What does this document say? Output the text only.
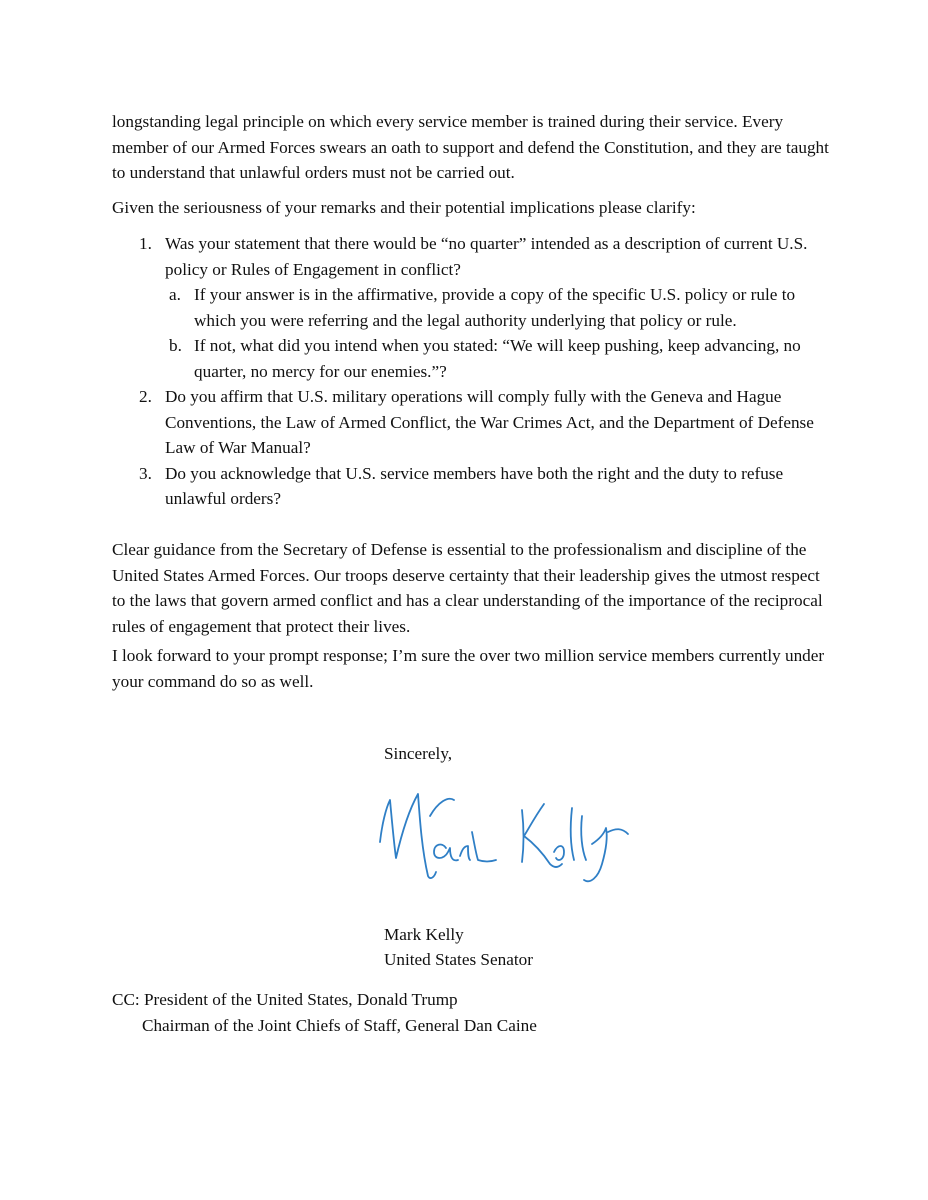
longstanding legal principle on which every service member is trained during their service. Every member of our Armed Forces swears an oath to support and defend the Constitution, and they are taught to understand that unlawful orders must not be carried out.

Given the seriousness of your remarks and their potential implications please clarify:

1. Was your statement that there would be “no quarter” intended as a description of current U.S. policy or Rules of Engagement in conflict?
a. If your answer is in the affirmative, provide a copy of the specific U.S. policy or rule to which you were referring and the legal authority underlying that policy or rule.
b. If not, what did you intend when you stated: “We will keep pushing, keep advancing, no quarter, no mercy for our enemies.”?
2. Do you affirm that U.S. military operations will comply fully with the Geneva and Hague Conventions, the Law of Armed Conflict, the War Crimes Act, and the Department of Defense Law of War Manual?
3. Do you acknowledge that U.S. service members have both the right and the duty to refuse unlawful orders?

Clear guidance from the Secretary of Defense is essential to the professionalism and discipline of the United States Armed Forces. Our troops deserve certainty that their leadership gives the utmost respect to the laws that govern armed conflict and has a clear understanding of the importance of the reciprocal rules of engagement that protect their lives.

I look forward to your prompt response; I’m sure the over two million service members currently under your command do so as well.

Sincerely,
Mark Kelly
United States Senator
CC: President of the United States, Donald Trump
Chairman of the Joint Chiefs of Staff, General Dan Caine
